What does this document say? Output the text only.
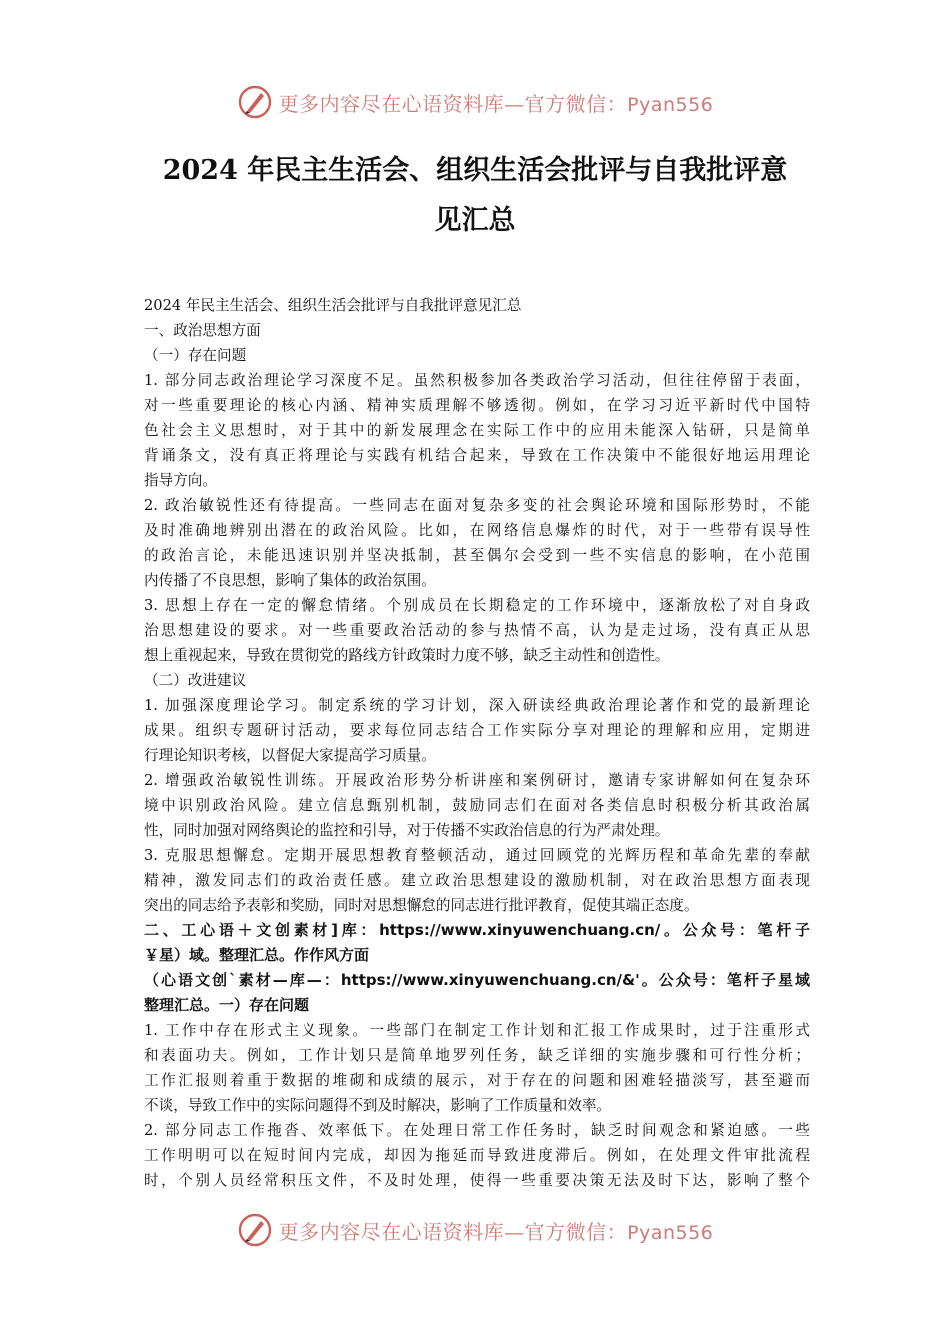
更多内容尽在心语资料库—官方微信：Pyan556
2024 年民主生活会、组织生活会批评与自我批评意
见汇总
2024 年民主生活会、组织生活会批评与自我批评意见汇总
一、政治思想方面
（一）存在问题
1. 部分同志政治理论学习深度不足。虽然积极参加各类政治学习活动，但往往停留于表面，
对一些重要理论的核心内涵、精神实质理解不够透彻。例如，在学习习近平新时代中国特
色社会主义思想时，对于其中的新发展理念在实际工作中的应用未能深入钻研，只是简单
背诵条文，没有真正将理论与实践有机结合起来，导致在工作决策中不能很好地运用理论
指导方向。
2. 政治敏锐性还有待提高。一些同志在面对复杂多变的社会舆论环境和国际形势时，不能
及时准确地辨别出潜在的政治风险。比如，在网络信息爆炸的时代，对于一些带有误导性
的政治言论，未能迅速识别并坚决抵制，甚至偶尔会受到一些不实信息的影响，在小范围
内传播了不良思想，影响了集体的政治氛围。
3. 思想上存在一定的懈怠情绪。个别成员在长期稳定的工作环境中，逐渐放松了对自身政
治思想建设的要求。对一些重要政治活动的参与热情不高，认为是走过场，没有真正从思
想上重视起来，导致在贯彻党的路线方针政策时力度不够，缺乏主动性和创造性。
（二）改进建议
1. 加强深度理论学习。制定系统的学习计划，深入研读经典政治理论著作和党的最新理论
成果。组织专题研讨活动，要求每位同志结合工作实际分享对理论的理解和应用，定期进
行理论知识考核，以督促大家提高学习质量。
2. 增强政治敏锐性训练。开展政治形势分析讲座和案例研讨，邀请专家讲解如何在复杂环
境中识别政治风险。建立信息甄别机制，鼓励同志们在面对各类信息时积极分析其政治属
性，同时加强对网络舆论的监控和引导，对于传播不实政治信息的行为严肃处理。
3. 克服思想懈怠。定期开展思想教育整顿活动，通过回顾党的光辉历程和革命先辈的奉献
精神，激发同志们的政治责任感。建立政治思想建设的激励机制，对在政治思想方面表现
突出的同志给予表彰和奖励，同时对思想懈怠的同志进行批评教育，促使其端正态度。
二、工心语＋文创素材]库：https://www.xinyuwenchuang.cn/。公众号：笔杆子
￥星）域。整理汇总。作作风方面
（心语文创`素材—库—：https://www.xinyuwenchuang.cn/&'。公众号：笔杆子星域
整理汇总。一）存在问题
1. 工作中存在形式主义现象。一些部门在制定工作计划和汇报工作成果时，过于注重形式
和表面功夫。例如，工作计划只是简单地罗列任务，缺乏详细的实施步骤和可行性分析；
工作汇报则着重于数据的堆砌和成绩的展示，对于存在的问题和困难轻描淡写，甚至避而
不谈，导致工作中的实际问题得不到及时解决，影响了工作质量和效率。
2. 部分同志工作拖沓、效率低下。在处理日常工作任务时，缺乏时间观念和紧迫感。一些
工作明明可以在短时间内完成，却因为拖延而导致进度滞后。例如，在处理文件审批流程
时，个别人员经常积压文件，不及时处理，使得一些重要决策无法及时下达，影响了整个
更多内容尽在心语资料库—官方微信：Pyan556
